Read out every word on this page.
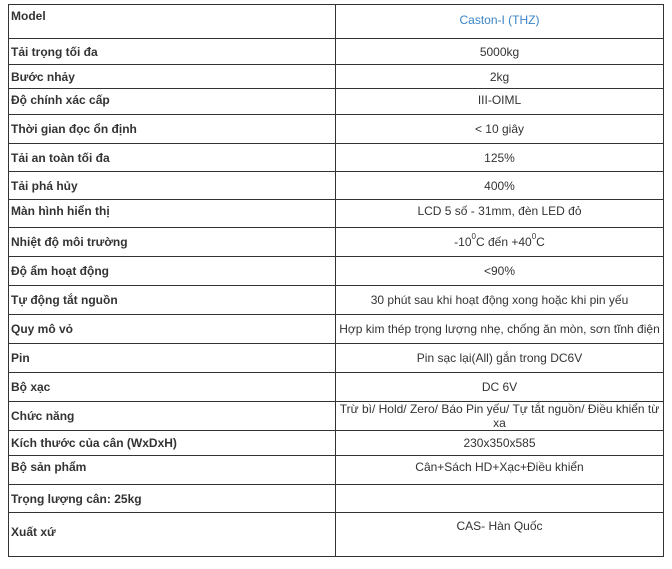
Model	Caston-I (THZ)
Tải trọng tối đa	5000kg
Bước nhảy	2kg
Độ chính xác cấp	III-OIML
Thời gian đọc ổn định	< 10 giây
Tải an toàn tối đa	125%
Tải phá hủy	400%
Màn hình hiển thị	LCD 5 số - 31mm, đèn LED đỏ
Nhiệt độ môi trường	$-10^0C$ đến $+40^0C$
Độ ẩm hoạt động	<90%
Tự động tắt nguồn	30 phút sau khi hoạt động xong hoặc khi pin yếu
Quy mô vỏ	Hợp kim thép trọng lượng nhẹ, chống ăn mòn, sơn tĩnh điện
Pin	Pin sạc lại(All) gắn trong DC6V
Bộ xạc	DC 6V
Chức năng	Trừ bì/ Hold/ Zero/ Báo Pin yếu/ Tự tắt nguồn/ Điều khiển từ xa
Kích thước của cân (WxDxH)	230x350x585
Bộ sản phẩm	Cân+Sách HD+Xạc+Điều khiển
Trọng lượng cân: 25kg	
Xuất xứ	CAS- Hàn Quốc
